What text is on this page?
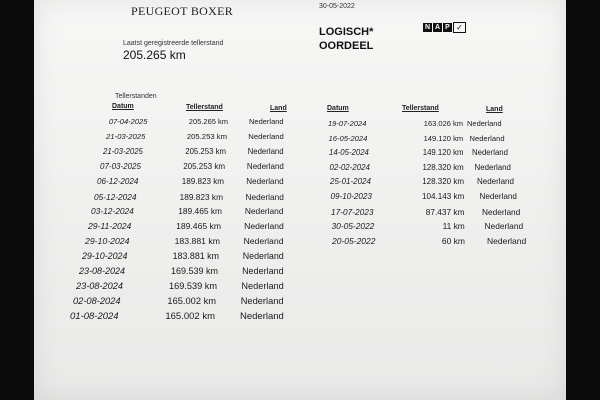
PEUGEOT BOXER	30-05-2022
Laatst geregistreerde tellerstand
205.265 km
LOGISCH*
OORDEEL
N A P ✓
Tellerstanden
Datum	Tellerstand	Land	Datum	Tellerstand	Land
07-04-2025	205.265 km	Nederland
21-03-2025	205.253 km	Nederland
21-03-2025	205.253 km	Nederland
07-03-2025	205.253 km	Nederland
06-12-2024	189.823 km	Nederland
05-12-2024	189.823 km	Nederland
03-12-2024	189.465 km	Nederland
29-11-2024	189.465 km	Nederland
29-10-2024	183.881 km	Nederland
29-10-2024	183.881 km	Nederland
23-08-2024	169.539 km	Nederland
23-08-2024	169.539 km	Nederland
02-08-2024	165.002 km	Nederland
01-08-2024	165.002 km	Nederland
19-07-2024	163.026 km Nederland
16-05-2024	149.120 km Nederland
14-05-2024	149.120 km Nederland
02-02-2024	128.320 km Nederland
25-01-2024	128.320 km Nederland
09-10-2023	104.143 km Nederland
17-07-2023	87.437 km Nederland
30-05-2022	11 km Nederland
20-05-2022	60 km	Nederland
